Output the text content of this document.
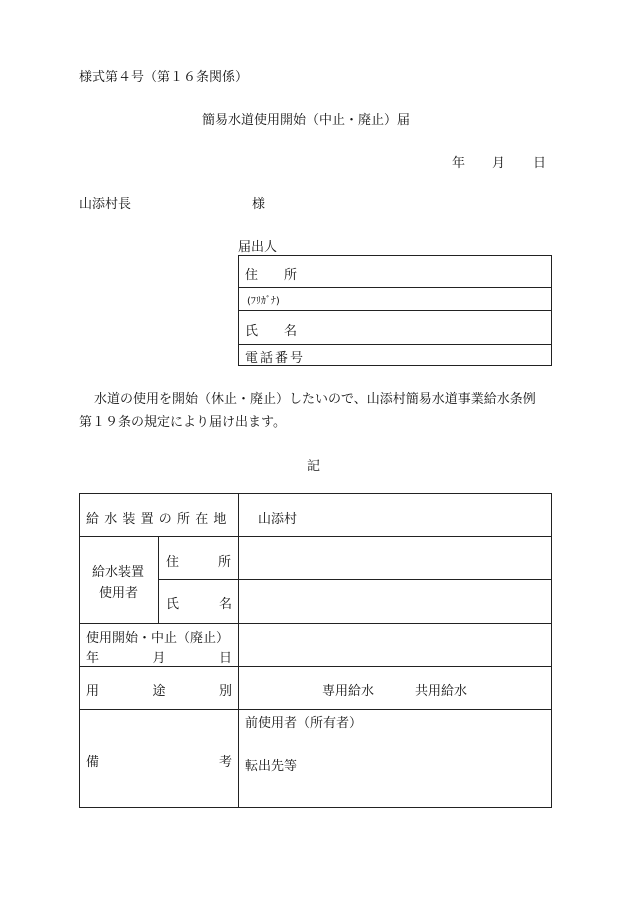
様式第４号（第１６条関係）
簡易水道使用開始（中止・廃止）届
年 月 日
山添村長	様
届出人
住　　所
(ﾌﾘｶﾞﾅ)
氏　　名
電話番号
水道の使用を開始（休止・廃止）したいので、山添村簡易水道事業給水条例
第１９条の規定により届け出ます。
記
給水装置の所在地 山添村
給水装置
使用者
住　所
氏　名
使用開始・中止（廃止）
年	月	日
用　途　別	専用給水	共用給水
備　考
前使用者（所有者）
転出先等
